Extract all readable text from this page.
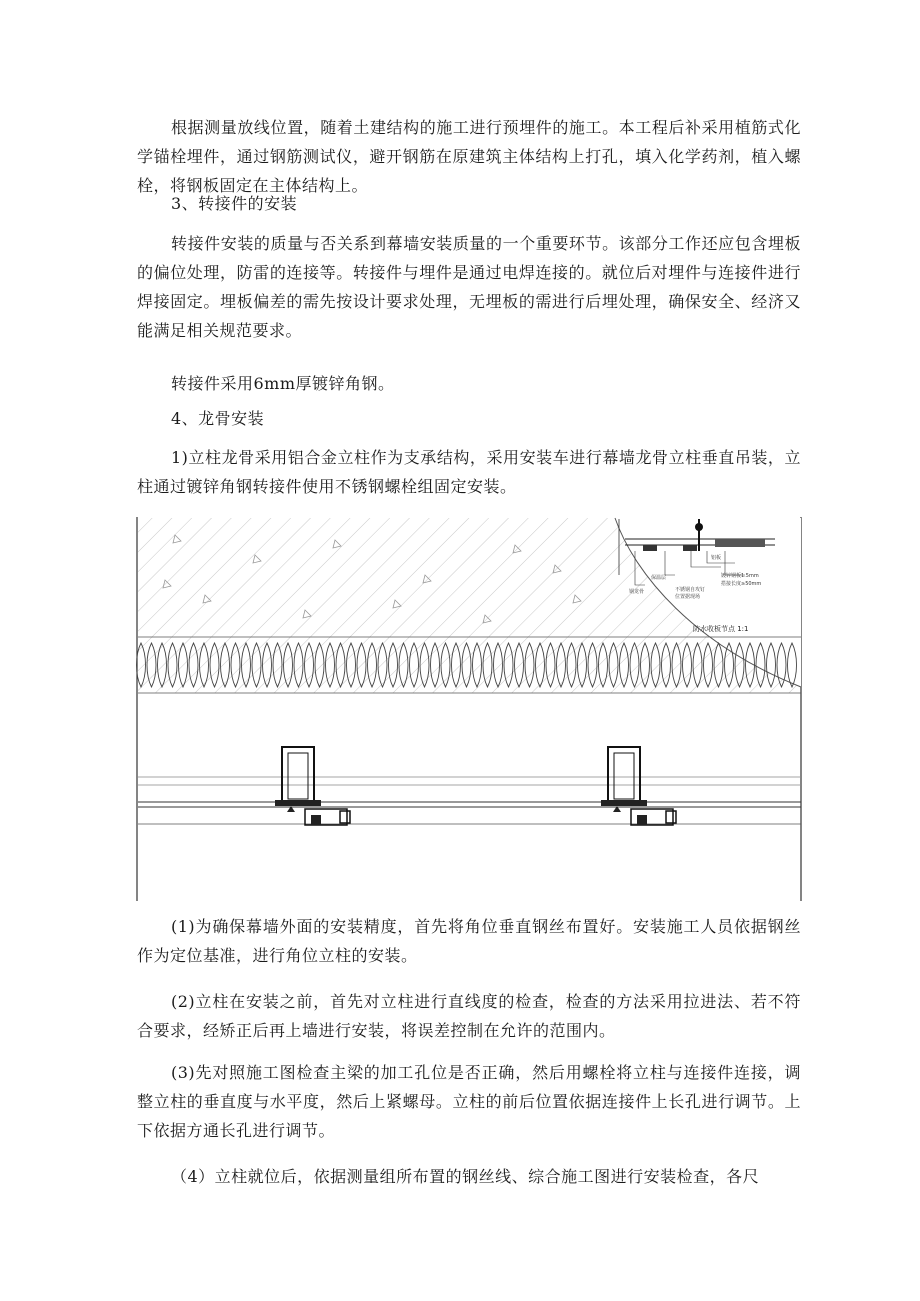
根据测量放线位置，随着土建结构的施工进行预埋件的施工。本工程后补采用植筋式化学锚栓埋件，通过钢筋测试仪，避开钢筋在原建筑主体结构上打孔，填入化学药剂，植入螺栓，将钢板固定在主体结构上。

3、转接件的安装

转接件安装的质量与否关系到幕墙安装质量的一个重要环节。该部分工作还应包含埋板的偏位处理，防雷的连接等。转接件与埋件是通过电焊连接的。就位后对埋件与连接件进行焊接固定。埋板偏差的需先按设计要求处理，无埋板的需进行后埋处理，确保安全、经济又能满足相关规范要求。

转接件采用6mm厚镀锌角钢。

4、龙骨安装

1)立柱龙骨采用铝合金立柱作为支承结构，采用安装车进行幕墙龙骨立柱垂直吊装，立柱通过镀锌角钢转接件使用不锈钢螺栓组固定安装。

镀锌钢板1.5mm
搭接长度≥50mm
不锈钢自攻钉
位置据现场
钢龙骨
保温层
铝板
防水收板节点 1:1

(1)为确保幕墙外面的安装精度，首先将角位垂直钢丝布置好。安装施工人员依据钢丝作为定位基准，进行角位立柱的安装。

(2)立柱在安装之前，首先对立柱进行直线度的检查，检查的方法采用拉进法、若不符合要求，经矫正后再上墙进行安装，将误差控制在允许的范围内。

(3)先对照施工图检查主梁的加工孔位是否正确，然后用螺栓将立柱与连接件连接，调整立柱的垂直度与水平度，然后上紧螺母。立柱的前后位置依据连接件上长孔进行调节。上下依据方通长孔进行调节。

（4）立柱就位后，依据测量组所布置的钢丝线、综合施工图进行安装检查，各尺
